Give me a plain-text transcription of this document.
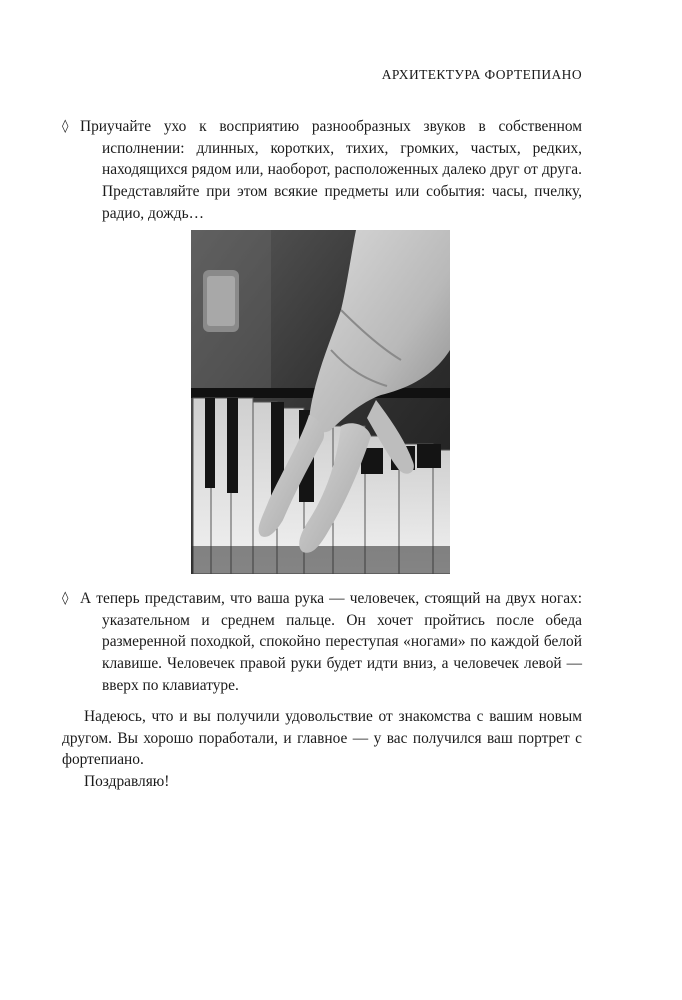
АРХИТЕКТУРА ФОРТЕПИАНО
◊ Приучайте ухо к восприятию разнообразных звуков в собственном исполнении: длинных, коротких, тихих, громких, частых, редких, находящихся рядом или, наоборот, расположенных далеко друг от друга. Представляйте при этом всякие предметы или события: часы, пчелку, радио, дождь…
◊ А теперь представим, что ваша рука — человечек, стоящий на двух ногах: указательном и среднем пальце. Он хочет пройтись после обеда размеренной походкой, спокойно переступая «ногами» по каждой белой клавише. Человечек правой руки будет идти вниз, а человечек левой — вверх по клавиатуре.
Надеюсь, что и вы получили удовольствие от знакомства с вашим новым другом. Вы хорошо поработали, и главное — у вас получился ваш портрет с фортепиано.
Поздравляю!
